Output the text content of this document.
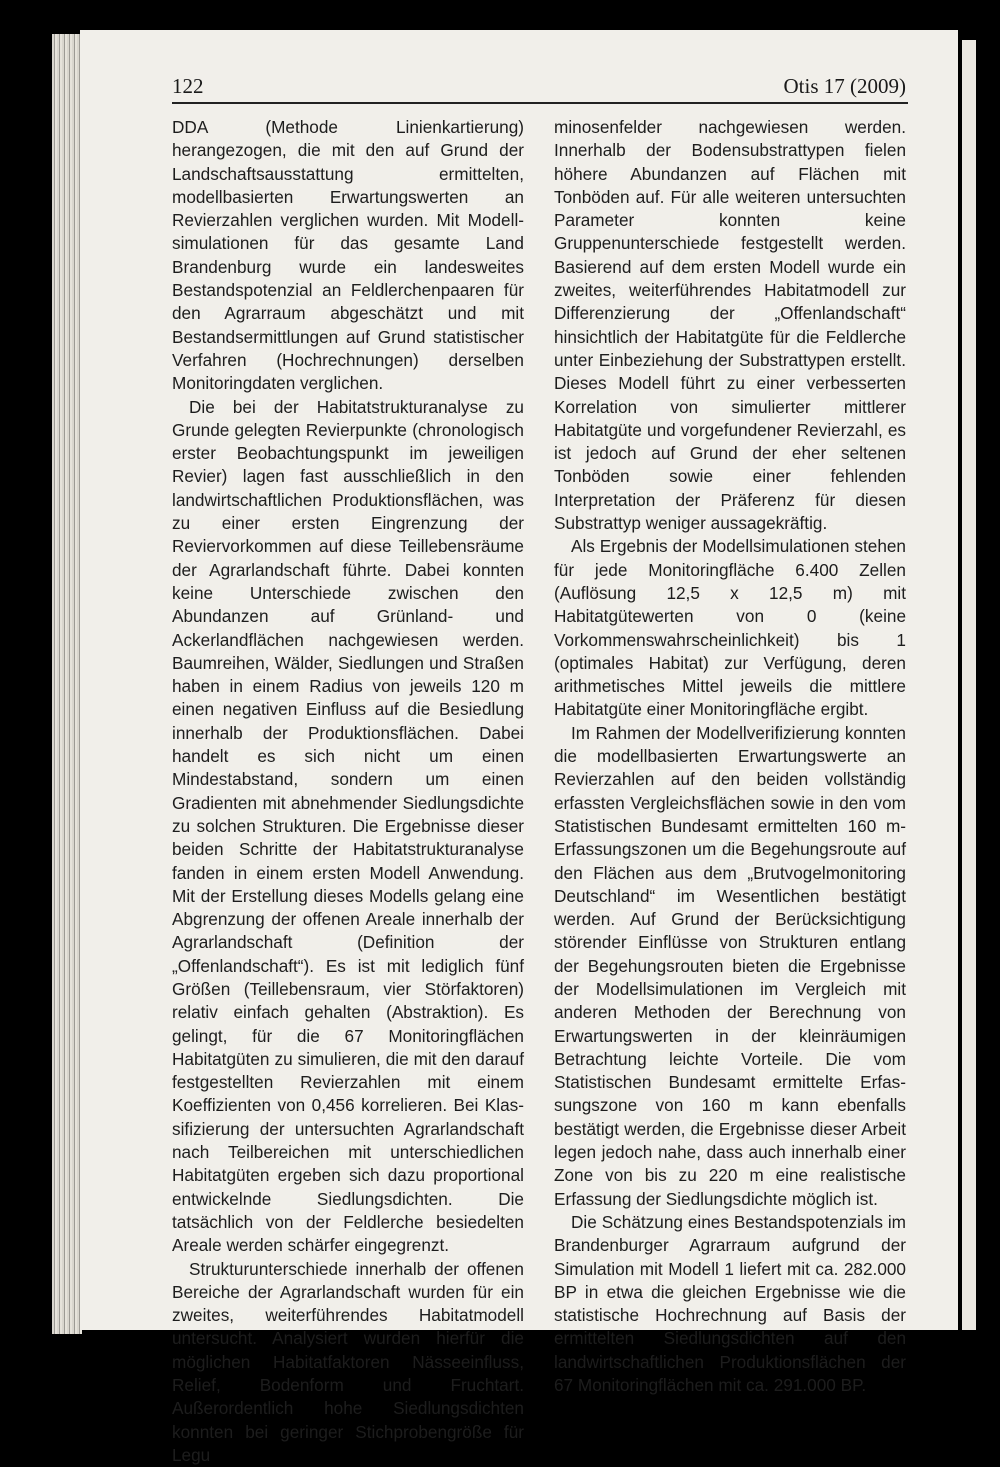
122	Otis 17 (2009)

DDA (Methode Linienkartierung) herangezogen, die mit den auf Grund der Landschaftsausstattung ermittelten, modellbasierten Erwartungswerten an Revierzahlen verglichen wurden. Mit Modellsimulationen für das gesamte Land Brandenburg wurde ein landesweites Bestandspotenzial an Feldlerchenpaaren für den Agrarraum abgeschätzt und mit Bestandsermittlungen auf Grund statistischer Verfahren (Hochrechnungen) derselben Monitoringdaten verglichen.

Die bei der Habitatstrukturanalyse zu Grunde gelegten Revierpunkte (chronologisch erster Beobachtungspunkt im jeweiligen Revier) lagen fast ausschließlich in den landwirtschaftlichen Produktionsflächen, was zu einer ersten Eingrenzung der Reviervorkommen auf diese Teillebensräume der Agrarlandschaft führte. Dabei konnten keine Unterschiede zwischen den Abundanzen auf Grünland- und Ackerlandflächen nachgewiesen werden. Baumreihen, Wälder, Siedlungen und Straßen haben in einem Radius von jeweils 120 m einen negativen Einfluss auf die Besiedlung innerhalb der Produktionsflächen. Dabei handelt es sich nicht um einen Mindestabstand, sondern um einen Gradienten mit abnehmender Siedlungsdichte zu solchen Strukturen. Die Ergebnisse dieser beiden Schritte der Habitatstrukturanalyse fanden in einem ersten Modell Anwendung. Mit der Erstellung dieses Modells gelang eine Abgrenzung der offenen Areale innerhalb der Agrarlandschaft (Definition der „Offenlandschaft“). Es ist mit lediglich fünf Größen (Teillebensraum, vier Störfaktoren) relativ einfach gehalten (Abstraktion). Es gelingt, für die 67 Monitoringflächen Habitatgüten zu simulieren, die mit den darauf festgestellten Revierzahlen mit einem Koeffizienten von 0,456 korrelieren. Bei Klassifizierung der untersuchten Agrarlandschaft nach Teilbereichen mit unterschiedlichen Habitatgüten ergeben sich dazu proportional entwickelnde Siedlungsdichten. Die tatsächlich von der Feldlerche besiedelten Areale werden schärfer eingegrenzt.

Strukturunterschiede innerhalb der offenen Bereiche der Agrarlandschaft wurden für ein zweites, weiterführendes Habitatmodell untersucht. Analysiert wurden hierfür die möglichen Habitatfaktoren Nässeeinfluss, Relief, Bodenform und Fruchtart. Außerordentlich hohe Siedlungsdichten konnten bei geringer Stichprobengröße für Legu

minosenfelder nachgewiesen werden. Innerhalb der Bodensubstrattypen fielen höhere Abundanzen auf Flächen mit Tonböden auf. Für alle weiteren untersuchten Parameter konnten keine Gruppenunterschiede festgestellt werden. Basierend auf dem ersten Modell wurde ein zweites, weiterführendes Habitatmodell zur Differenzierung der „Offenlandschaft“ hinsichtlich der Habitatgüte für die Feldlerche unter Einbeziehung der Substrattypen erstellt. Dieses Modell führt zu einer verbesserten Korrelation von simulierter mittlerer Habitatgüte und vorgefundener Revierzahl, es ist jedoch auf Grund der eher seltenen Tonböden sowie einer fehlenden Interpretation der Präferenz für diesen Substrattyp weniger aussagekräftig.

Als Ergebnis der Modellsimulationen stehen für jede Monitoringfläche 6.400 Zellen (Auflösung 12,5 x 12,5 m) mit Habitatgütewerten von 0 (keine Vorkommenswahrscheinlichkeit) bis 1 (optimales Habitat) zur Verfügung, deren arithmetisches Mittel jeweils die mittlere Habitatgüte einer Monitoringfläche ergibt.

Im Rahmen der Modellverifizierung konnten die modellbasierten Erwartungswerte an Revierzahlen auf den beiden vollständig erfassten Vergleichsflächen sowie in den vom Statistischen Bundesamt ermittelten 160 m-Erfassungszonen um die Begehungsroute auf den Flächen aus dem „Brutvogelmonitoring Deutschland“ im Wesentlichen bestätigt werden. Auf Grund der Berücksichtigung störender Einflüsse von Strukturen entlang der Begehungsrouten bieten die Ergebnisse der Modellsimulationen im Vergleich mit anderen Methoden der Berechnung von Erwartungswerten in der kleinräumigen Betrachtung leichte Vorteile. Die vom Statistischen Bundesamt ermittelte Erfassungszone von 160 m kann ebenfalls bestätigt werden, die Ergebnisse dieser Arbeit legen jedoch nahe, dass auch innerhalb einer Zone von bis zu 220 m eine realistische Erfassung der Siedlungsdichte möglich ist.

Die Schätzung eines Bestandspotenzials im Brandenburger Agrarraum aufgrund der Simulation mit Modell 1 liefert mit ca. 282.000 BP in etwa die gleichen Ergebnisse wie die statistische Hochrechnung auf Basis der ermittelten Siedlungsdichten auf den landwirtschaftlichen Produktionsflächen der 67 Monitoringflächen mit ca. 291.000 BP.
